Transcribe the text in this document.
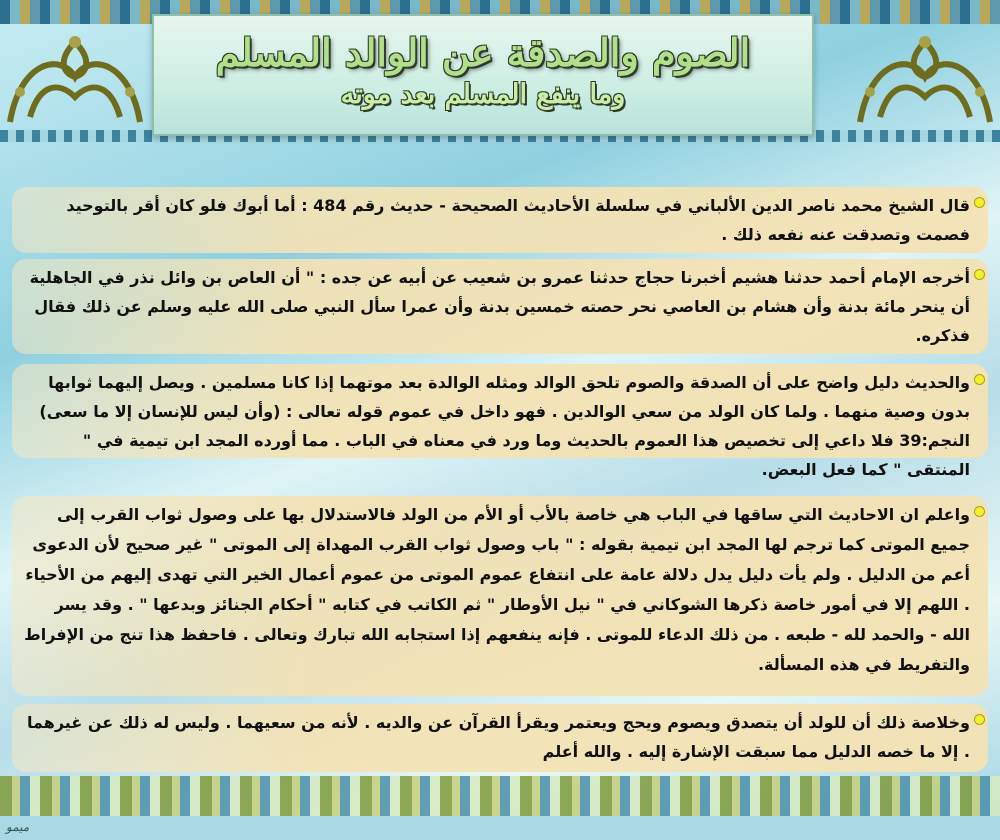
الصوم والصدقة عن الوالد المسلم
وما ينفع المسلم بعد موته
قال الشيخ محمد ناصر الدين الألباني في سلسلة الأحاديث الصحيحة - حديث رقم 484 : أما أبوك فلو كان أقر بالتوحيد فصمت وتصدقت عنه نفعه ذلك .
أخرجه الإمام أحمد حدثنا هشيم أخبرنا حجاج حدثنا عمرو بن شعيب عن أبيه عن جده : " أن العاص بن وائل نذر في الجاهلية أن ينحر مائة بدنة وأن هشام بن العاصي نحر حصته خمسين بدنة وأن عمرا سأل النبي صلى الله عليه وسلم عن ذلك فقال فذكره.
والحديث دليل واضح على أن الصدقة والصوم تلحق الوالد ومثله الوالدة بعد موتهما إذا كانا مسلمين . ويصل إليهما ثوابها بدون وصية منهما . ولما كان الولد من سعي الوالدين . فهو داخل في عموم قوله تعالى : (وأن ليس للإنسان إلا ما سعى) النجم:39 فلا داعي إلى تخصيص هذا العموم بالحديث وما ورد في معناه في الباب . مما أورده المجد ابن تيمية في " المنتقى " كما فعل البعض.
واعلم ان الاحاديث التي ساقها في الباب هي خاصة بالأب أو الأم من الولد فالاستدلال بها على وصول ثواب القرب إلى جميع الموتى كما ترجم لها المجد ابن تيمية بقوله : " باب وصول ثواب القرب المهداة إلى الموتى " غير صحيح لأن الدعوى أعم من الدليل . ولم يأت دليل يدل دلالة عامة على انتفاع عموم الموتى من عموم أعمال الخير التي تهدى إليهم من الأحياء . اللهم إلا في أمور خاصة ذكرها الشوكاني في " نيل الأوطار " ثم الكاتب في كتابه " أحكام الجنائز وبدعها " . وقد يسر الله - والحمد لله - طبعه . من ذلك الدعاء للموتى . فإنه ينفعهم إذا استجابه الله تبارك وتعالى . فاحفظ هذا تنج من الإفراط والتفريط في هذه المسألة.
وخلاصة ذلك أن للولد أن يتصدق ويصوم ويحج ويعتمر ويقرأ القرآن عن والديه . لأنه من سعيهما . وليس له ذلك عن غيرهما . إلا ما خصه الدليل مما سبقت الإشارة إليه . والله أعلم
ميمو
